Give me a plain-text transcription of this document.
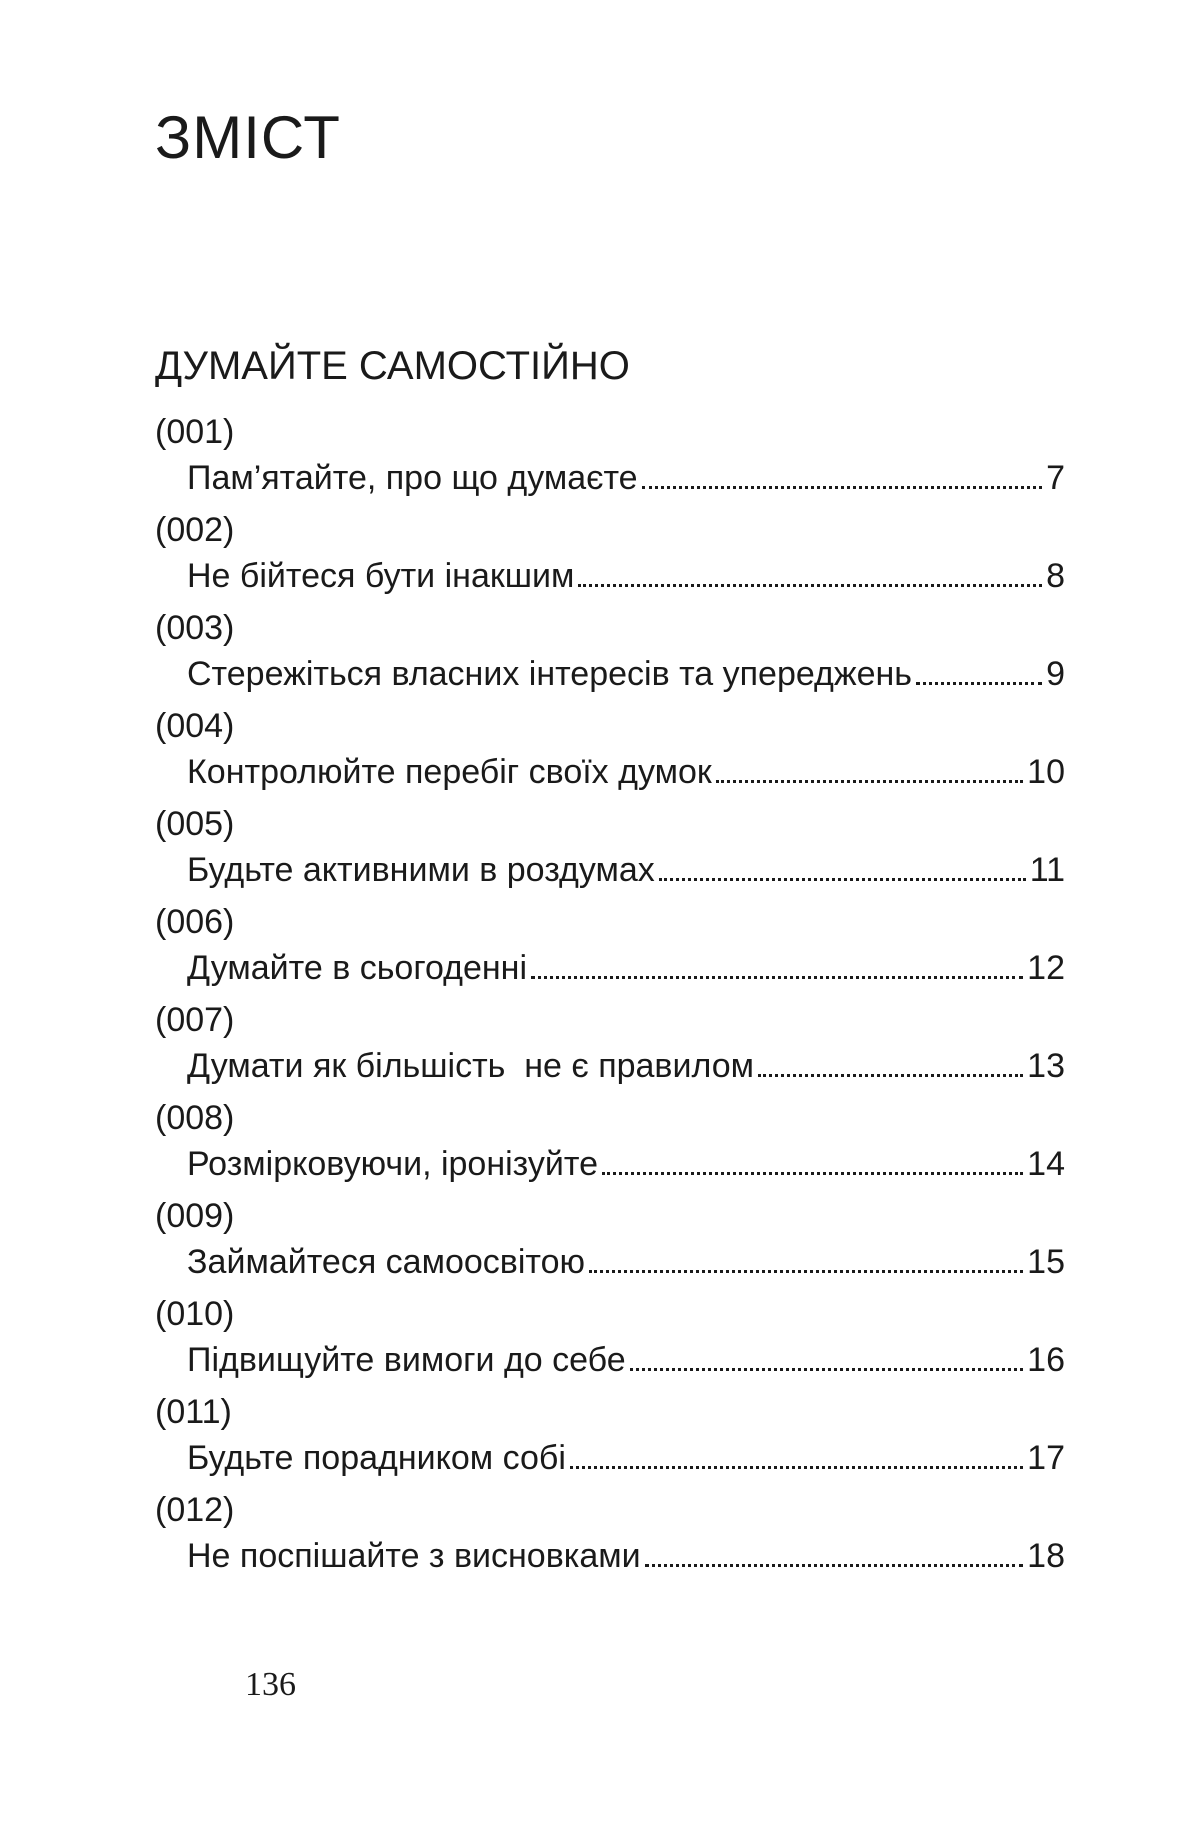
ЗМІСТ
ДУМАЙТЕ САМОСТІЙНО
(001)
Пам’ятайте, про що думаєте	7
(002)
Не бійтеся бути інакшим	8
(003)
Стережіться власних інтересів та упереджень	9
(004)
Контролюйте перебіг своїх думок	10
(005)
Будьте активними в роздумах	11
(006)
Думайте в сьогоденні	12
(007)
Думати як більшість  не є правилом	13
(008)
Розмірковуючи, іронізуйте	14
(009)
Займайтеся самоосвітою	15
(010)
Підвищуйте вимоги до себе	16
(011)
Будьте порадником собі	17
(012)
Не поспішайте з висновками	18
136
